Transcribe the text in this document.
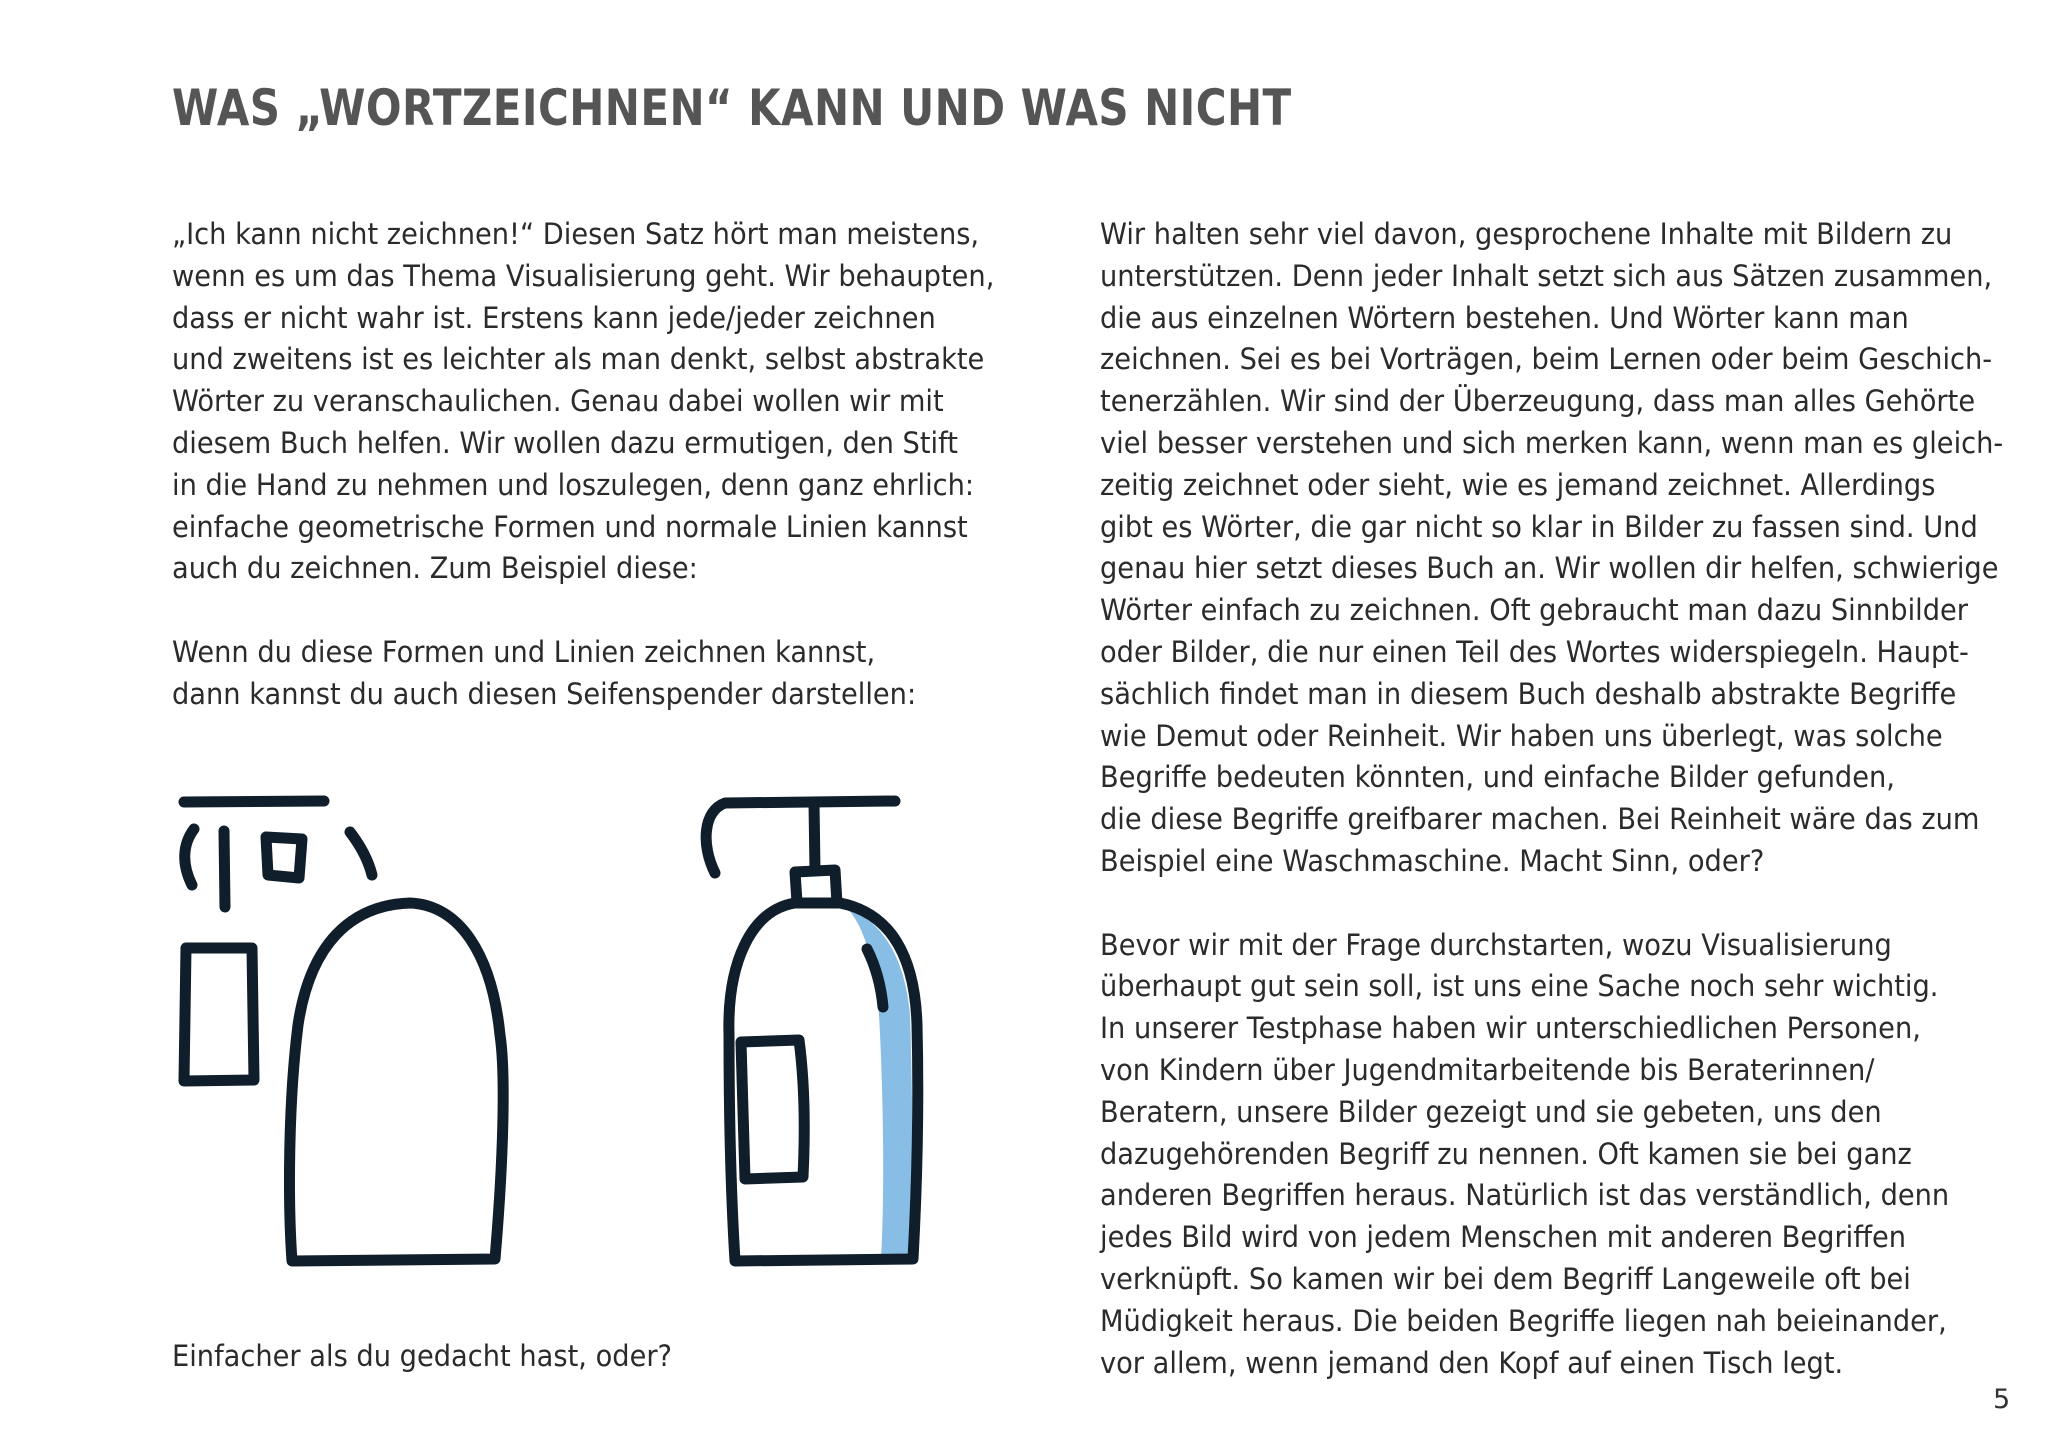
WAS „WORTZEICHNEN“ KANN UND WAS NICHT
„Ich kann nicht zeichnen!“ Diesen Satz hört man meistens,
wenn es um das Thema Visualisierung geht. Wir behaupten,
dass er nicht wahr ist. Erstens kann jede/jeder zeichnen
und zweitens ist es leichter als man denkt, selbst abstrakte
Wörter zu veranschaulichen. Genau dabei wollen wir mit
diesem Buch helfen. Wir wollen dazu ermutigen, den Stift
in die Hand zu nehmen und loszulegen, denn ganz ehrlich:
einfache geometrische Formen und normale Linien kannst
auch du zeichnen. Zum Beispiel diese:
Wenn du diese Formen und Linien zeichnen kannst,
dann kannst du auch diesen Seifenspender darstellen:
Einfacher als du gedacht hast, oder?
Wir halten sehr viel davon, gesprochene Inhalte mit Bildern zu
unterstützen. Denn jeder Inhalt setzt sich aus Sätzen zusammen,
die aus einzelnen Wörtern bestehen. Und Wörter kann man
zeichnen. Sei es bei Vorträgen, beim Lernen oder beim Geschich-
tenerzählen. Wir sind der Überzeugung, dass man alles Gehörte
viel besser verstehen und sich merken kann, wenn man es gleich-
zeitig zeichnet oder sieht, wie es jemand zeichnet. Allerdings
gibt es Wörter, die gar nicht so klar in Bilder zu fassen sind. Und
genau hier setzt dieses Buch an. Wir wollen dir helfen, schwierige
Wörter einfach zu zeichnen. Oft gebraucht man dazu Sinnbilder
oder Bilder, die nur einen Teil des Wortes widerspiegeln. Haupt-
sächlich findet man in diesem Buch deshalb abstrakte Begriffe
wie Demut oder Reinheit. Wir haben uns überlegt, was solche
Begriffe bedeuten könnten, und einfache Bilder gefunden,
die diese Begriffe greifbarer machen. Bei Reinheit wäre das zum
Beispiel eine Waschmaschine. Macht Sinn, oder?
Bevor wir mit der Frage durchstarten, wozu Visualisierung
überhaupt gut sein soll, ist uns eine Sache noch sehr wichtig.
In unserer Testphase haben wir unterschiedlichen Personen,
von Kindern über Jugendmitarbeitende bis Beraterinnen/
Beratern, unsere Bilder gezeigt und sie gebeten, uns den
dazugehörenden Begriff zu nennen. Oft kamen sie bei ganz
anderen Begriffen heraus. Natürlich ist das verständlich, denn
jedes Bild wird von jedem Menschen mit anderen Begriffen
verknüpft. So kamen wir bei dem Begriff Langeweile oft bei
Müdigkeit heraus. Die beiden Begriffe liegen nah beieinander,
vor allem, wenn jemand den Kopf auf einen Tisch legt.
5
